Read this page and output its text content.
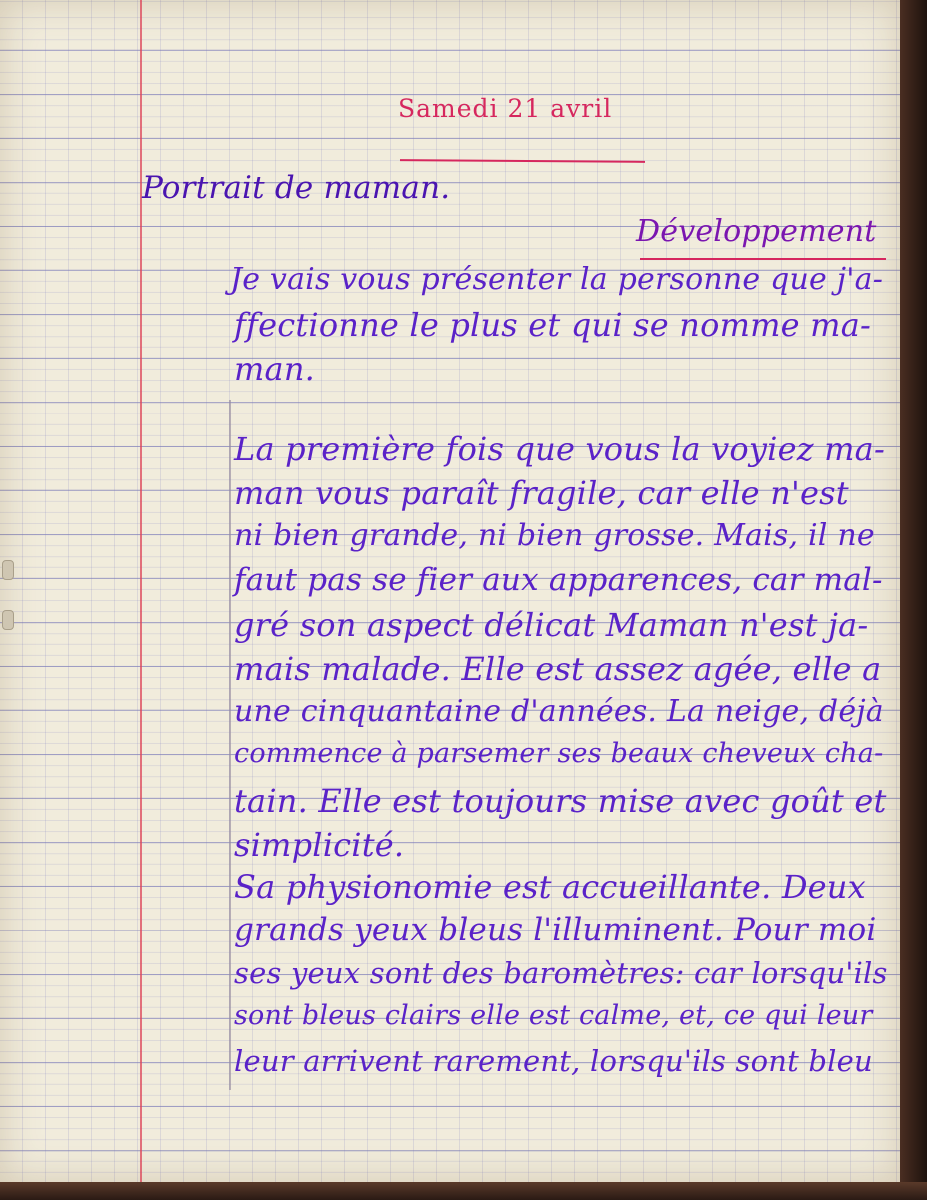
Samedi 21 avril
Portrait de maman.
Développement
Je vais vous présenter la personne que j'a-
ffectionne le plus et qui se nomme ma-
man.
La première fois que vous la voyiez ma-
man vous paraît fragile, car elle n'est
ni bien grande, ni bien grosse. Mais, il ne
faut pas se fier aux apparences, car mal-
gré son aspect délicat Maman n'est ja-
mais malade. Elle est assez agée, elle a
une cinquantaine d'années. La neige, déjà
commence à parsemer ses beaux cheveux cha-
tain. Elle est toujours mise avec goût et
simplicité.
Sa physionomie est accueillante. Deux
grands yeux bleus l'illuminent. Pour moi
ses yeux sont des baromètres: car lorsqu'ils
sont bleus clairs elle est calme, et, ce qui leur
leur arrivent rarement, lorsqu'ils sont bleu
